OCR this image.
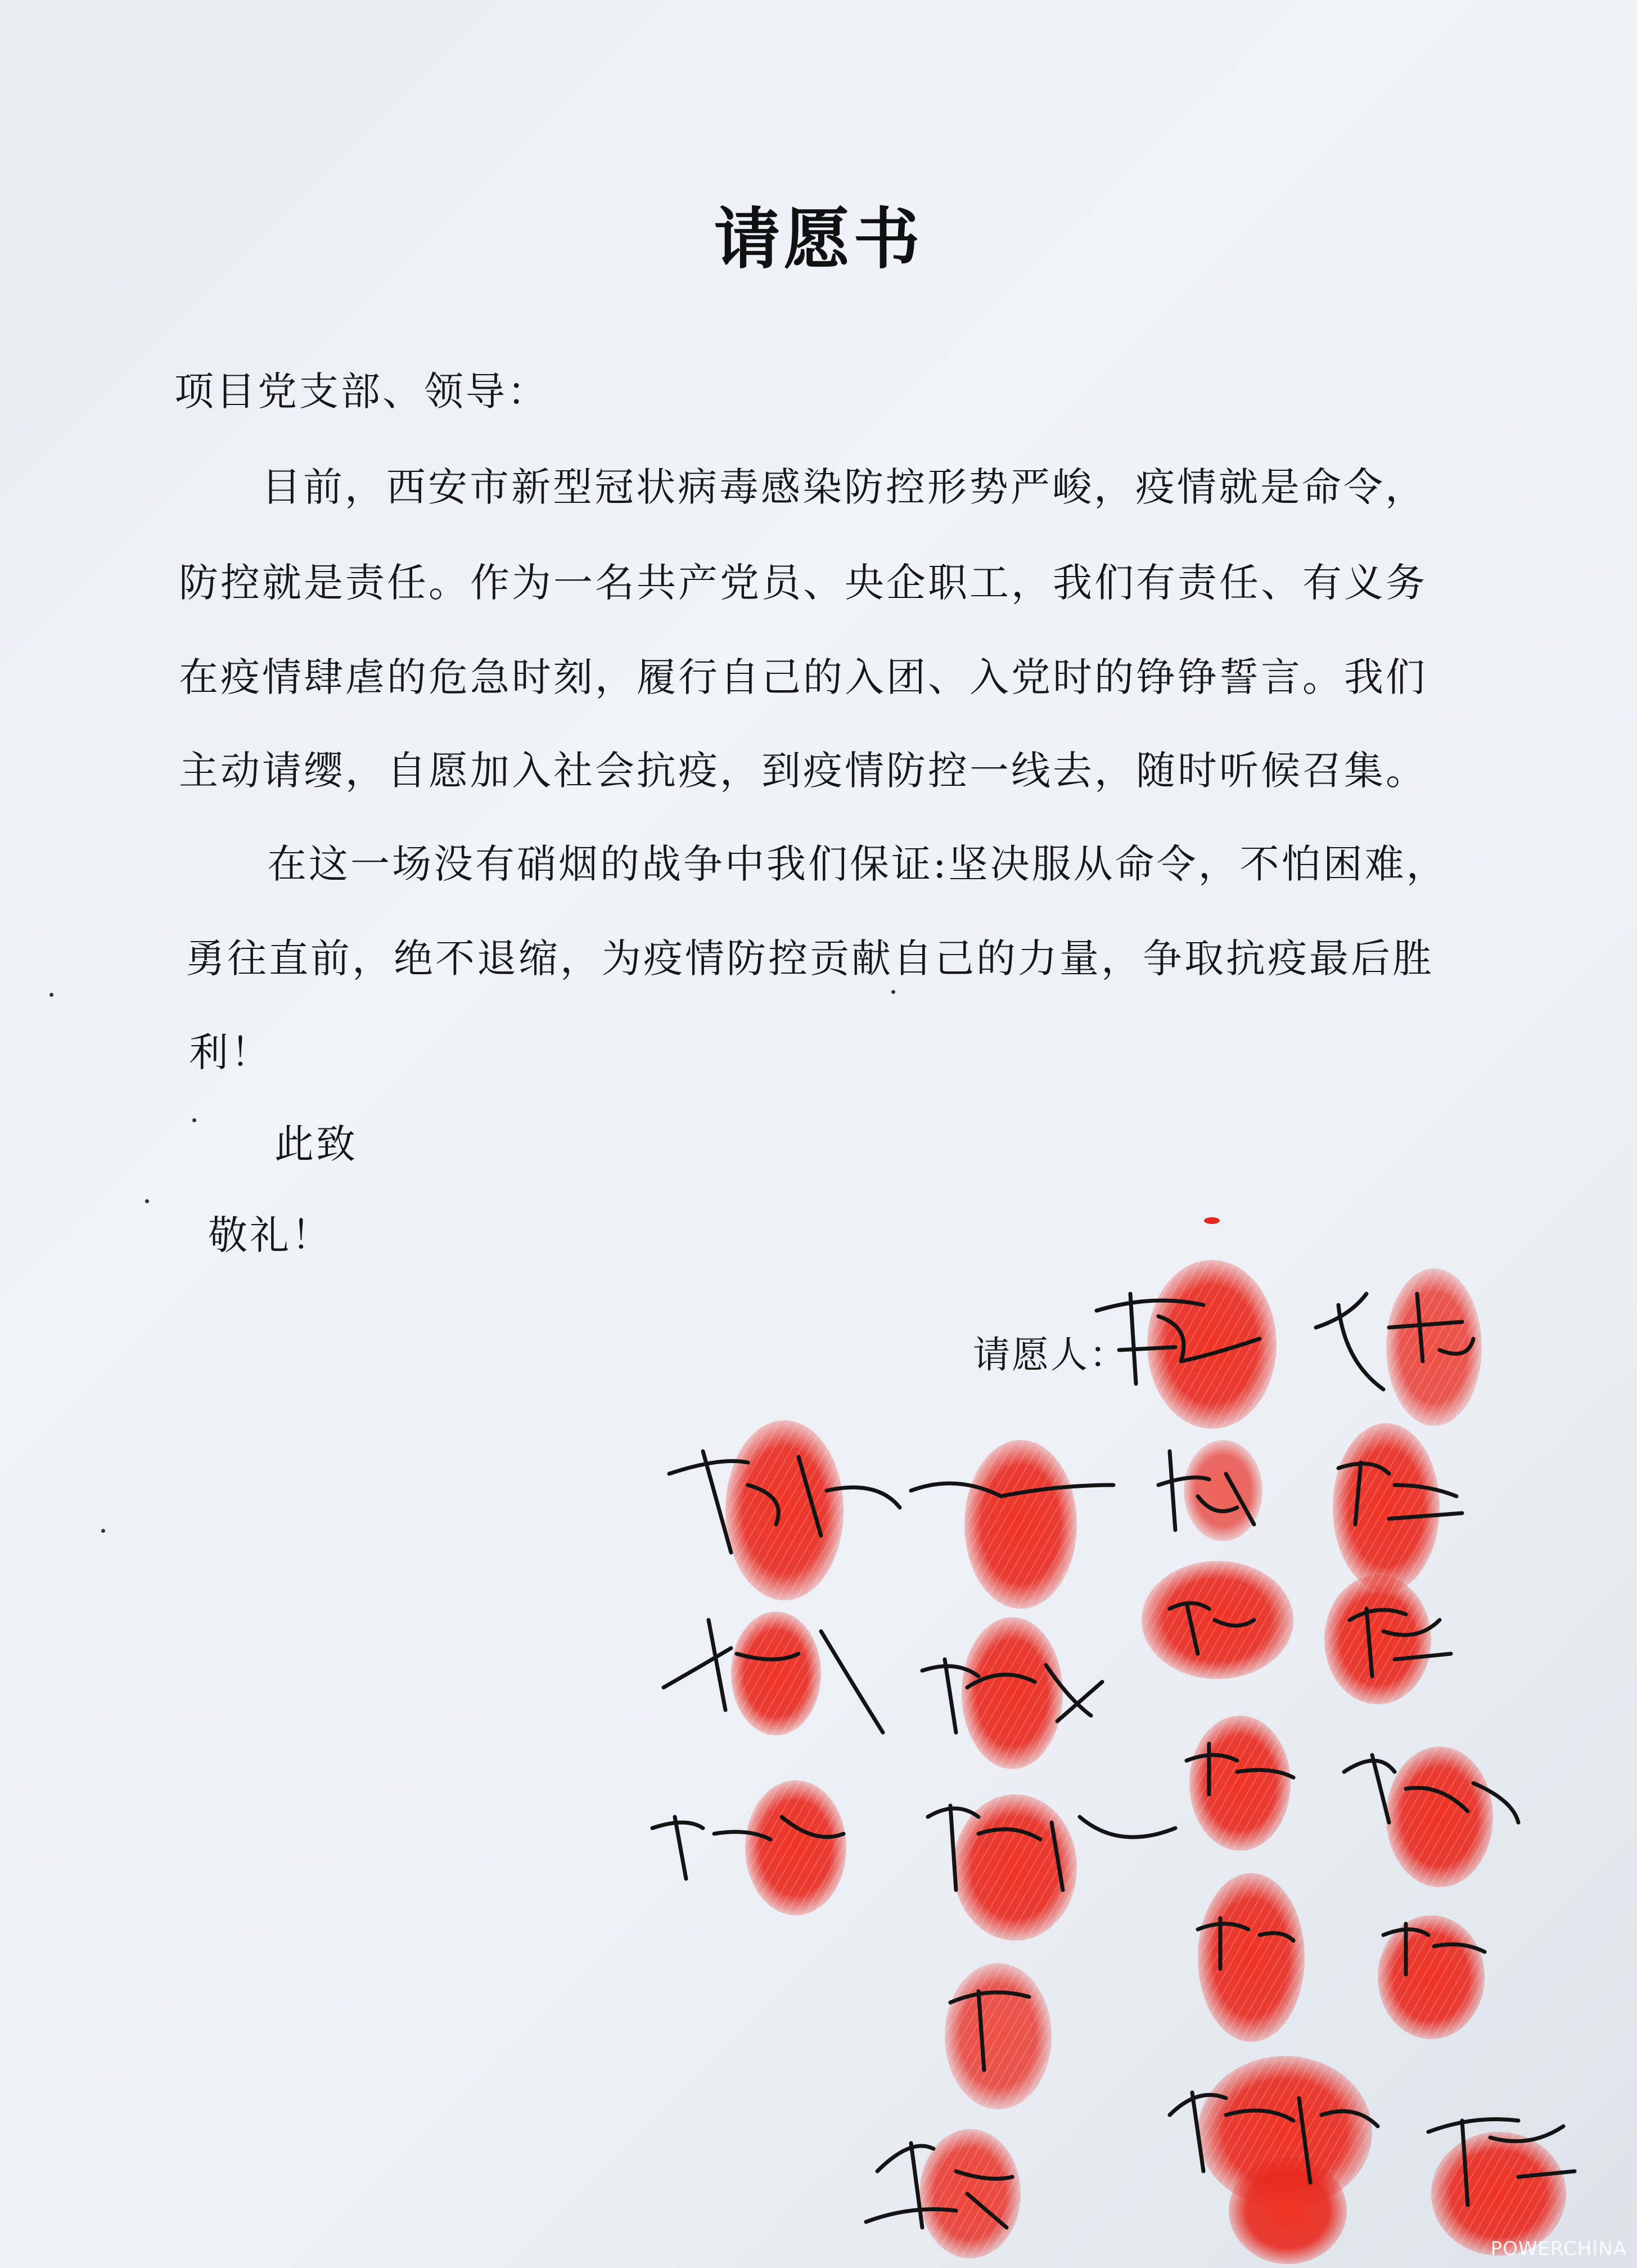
请愿书
项目党支部、领导：
目前，西安市新型冠状病毒感染防控形势严峻，疫情就是命令，
防控就是责任。作为一名共产党员、央企职工，我们有责任、有义务
在疫情肆虐的危急时刻，履行自己的入团、入党时的铮铮誓言。我们
主动请缨，自愿加入社会抗疫，到疫情防控一线去，随时听候召集。
在这一场没有硝烟的战争中我们保证:坚决服从命令，不怕困难，
勇往直前，绝不退缩，为疫情防控贡献自己的力量，争取抗疫最后胜
利！
此致
敬礼！
请愿人：
POWERCHINA
